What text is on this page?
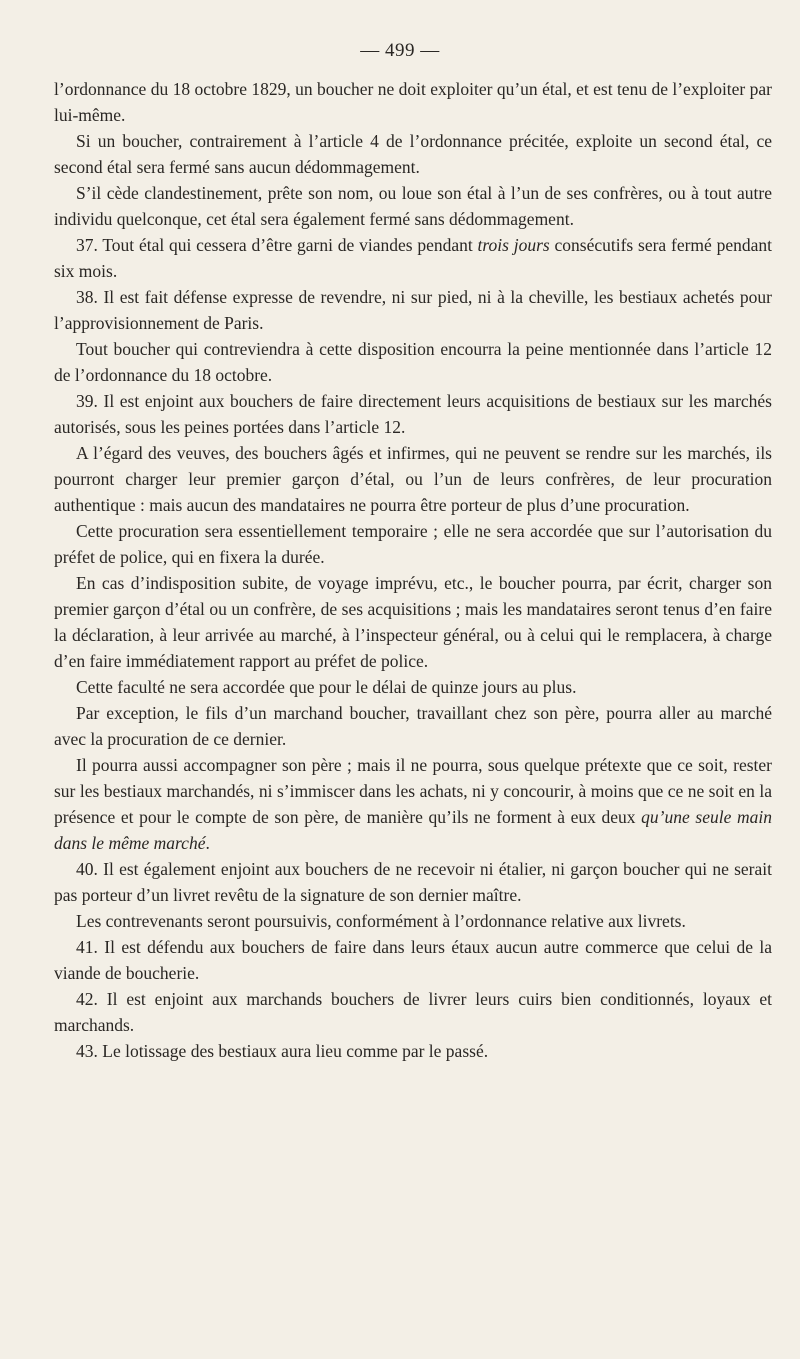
— 499 —

l’ordonnance du 18 octobre 1829, un boucher ne doit exploiter qu’un étal, et est tenu de l’exploiter par lui-même.

Si un boucher, contrairement à l’article 4 de l’ordonnance précitée, exploite un second étal, ce second étal sera fermé sans aucun dédommagement.

S’il cède clandestinement, prête son nom, ou loue son étal à l’un de ses confrères, ou à tout autre individu quelconque, cet étal sera également fermé sans dédommagement.

37. Tout étal qui cessera d’être garni de viandes pendant trois jours consécutifs sera fermé pendant six mois.

38. Il est fait défense expresse de revendre, ni sur pied, ni à la cheville, les bestiaux achetés pour l’approvisionnement de Paris.

Tout boucher qui contreviendra à cette disposition encourra la peine mentionnée dans l’article 12 de l’ordonnance du 18 octobre.

39. Il est enjoint aux bouchers de faire directement leurs acquisitions de bestiaux sur les marchés autorisés, sous les peines portées dans l’article 12.

A l’égard des veuves, des bouchers âgés et infirmes, qui ne peuvent se rendre sur les marchés, ils pourront charger leur premier garçon d’étal, ou l’un de leurs confrères, de leur procuration authentique : mais aucun des mandataires ne pourra être porteur de plus d’une procuration.

Cette procuration sera essentiellement temporaire ; elle ne sera accordée que sur l’autorisation du préfet de police, qui en fixera la durée.

En cas d’indisposition subite, de voyage imprévu, etc., le boucher pourra, par écrit, charger son premier garçon d’étal ou un confrère, de ses acquisitions ; mais les mandataires seront tenus d’en faire la déclaration, à leur arrivée au marché, à l’inspecteur général, ou à celui qui le remplacera, à charge d’en faire immédiatement rapport au préfet de police.

Cette faculté ne sera accordée que pour le délai de quinze jours au plus.

Par exception, le fils d’un marchand boucher, travaillant chez son père, pourra aller au marché avec la procuration de ce dernier.

Il pourra aussi accompagner son père ; mais il ne pourra, sous quelque prétexte que ce soit, rester sur les bestiaux marchandés, ni s’immiscer dans les achats, ni y concourir, à moins que ce ne soit en la présence et pour le compte de son père, de manière qu’ils ne forment à eux deux qu’une seule main dans le même marché.

40. Il est également enjoint aux bouchers de ne recevoir ni étalier, ni garçon boucher qui ne serait pas porteur d’un livret revêtu de la signature de son dernier maître.

Les contrevenants seront poursuivis, conformément à l’ordonnance relative aux livrets.

41. Il est défendu aux bouchers de faire dans leurs étaux aucun autre commerce que celui de la viande de boucherie.

42. Il est enjoint aux marchands bouchers de livrer leurs cuirs bien conditionnés, loyaux et marchands.

43. Le lotissage des bestiaux aura lieu comme par le passé.
